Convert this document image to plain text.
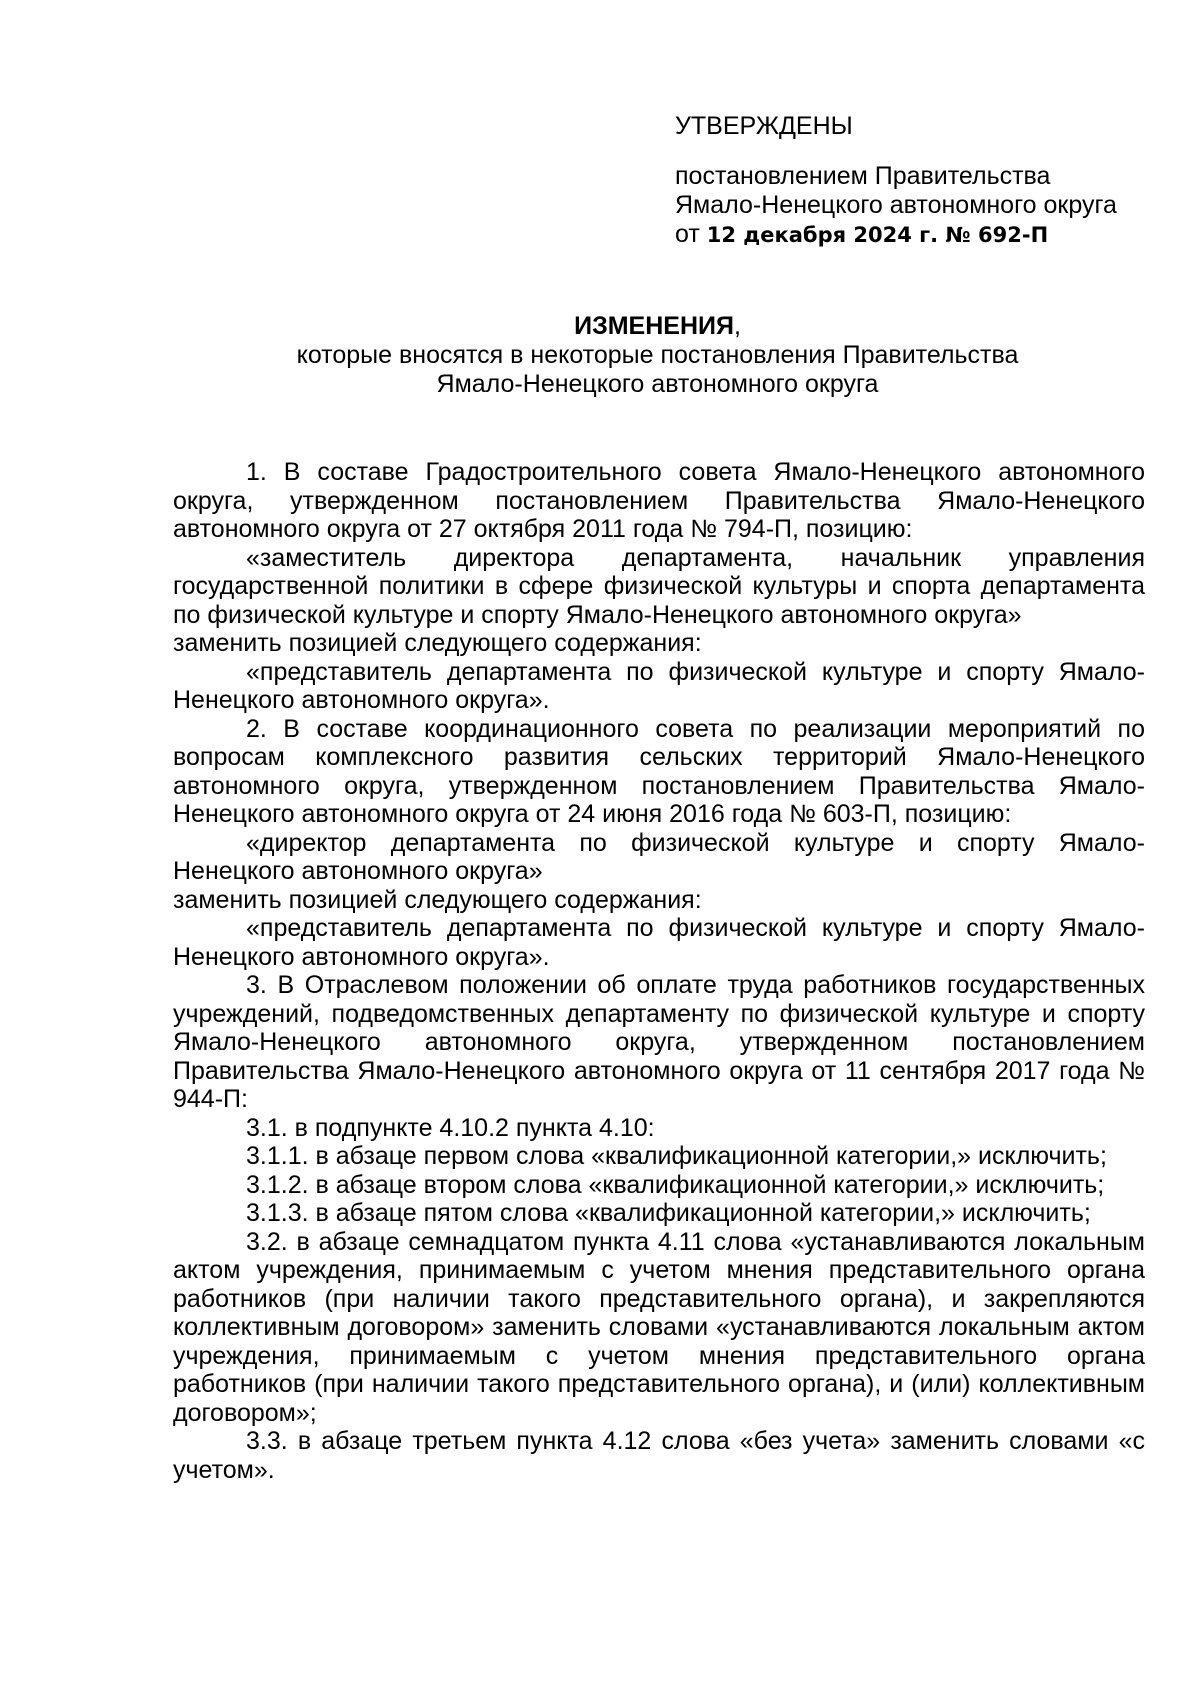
УТВЕРЖДЕНЫ
постановлением Правительства
Ямало-Ненецкого автономного округа
от 12 декабря 2024 г. № 692-П
ИЗМЕНЕНИЯ,
которые вносятся в некоторые постановления Правительства
Ямало-Ненецкого автономного округа

1. В составе Градостроительного совета Ямало-Ненецкого автономного округа, утвержденном постановлением Правительства Ямало-Ненецкого автономного округа от 27 октября 2011 года № 794-П, позицию:

«заместитель директора департамента, начальник управления государственной политики в сфере физической культуры и спорта департамента по физической культуре и спорту Ямало-Ненецкого автономного округа»

заменить позицией следующего содержания:

«представитель департамента по физической культуре и спорту Ямало-Ненецкого автономного округа».

2. В составе координационного совета по реализации мероприятий по вопросам комплексного развития сельских территорий Ямало-Ненецкого автономного округа, утвержденном постановлением Правительства Ямало-Ненецкого автономного округа от 24 июня 2016 года № 603-П, позицию:

«директор департамента по физической культуре и спорту Ямало-Ненецкого автономного округа»

заменить позицией следующего содержания:

«представитель департамента по физической культуре и спорту Ямало-Ненецкого автономного округа».

3. В Отраслевом положении об оплате труда работников государственных учреждений, подведомственных департаменту по физической культуре и спорту Ямало-Ненецкого автономного округа, утвержденном постановлением Правительства Ямало-Ненецкого автономного округа от 11 сентября 2017 года № 944-П:

3.1. в подпункте 4.10.2 пункта 4.10:

3.1.1. в абзаце первом слова «квалификационной категории,» исключить;

3.1.2. в абзаце втором слова «квалификационной категории,» исключить;

3.1.3. в абзаце пятом слова «квалификационной категории,» исключить;

3.2. в абзаце семнадцатом пункта 4.11 слова «устанавливаются локальным актом учреждения, принимаемым с учетом мнения представительного органа работников (при наличии такого представительного органа), и закрепляются коллективным договором» заменить словами «устанавливаются локальным актом учреждения, принимаемым с учетом мнения представительного органа работников (при наличии такого представительного органа), и (или) коллективным договором»;

3.3. в абзаце третьем пункта 4.12 слова «без учета» заменить словами «с учетом».
